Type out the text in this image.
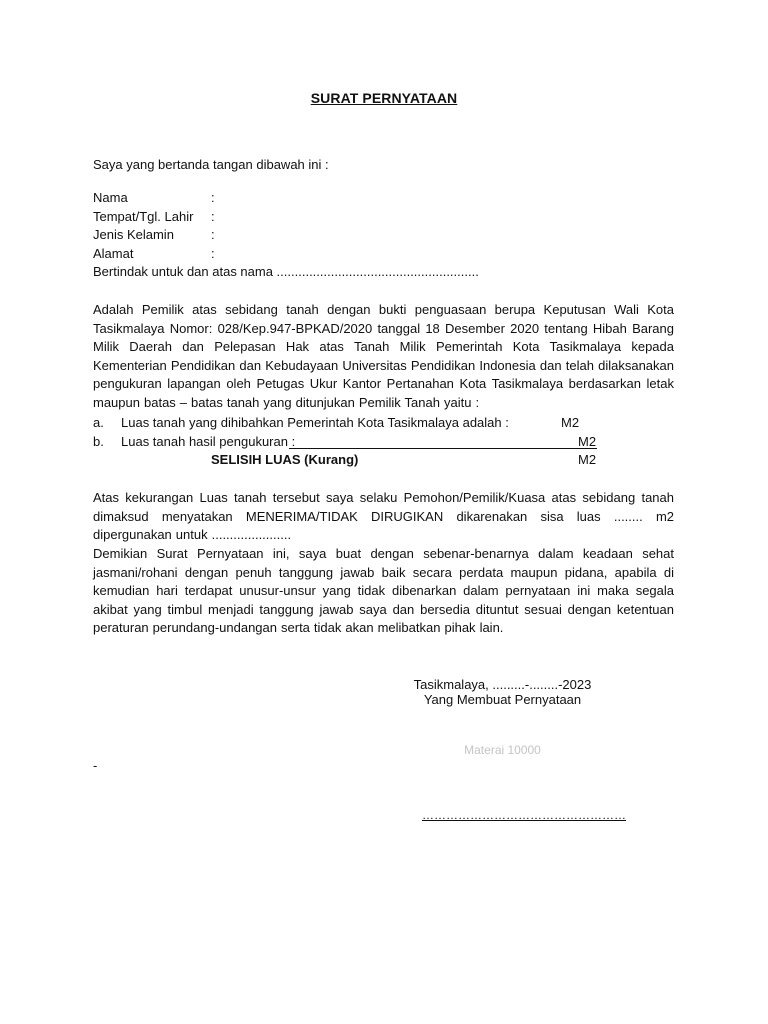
SURAT PERNYATAAN
Saya yang bertanda tangan dibawah ini :
Nama	:
Tempat/Tgl. Lahir :
Jenis Kelamin	:
Alamat	:
Bertindak untuk dan atas nama ........................................................
Adalah Pemilik atas sebidang tanah dengan bukti penguasaan berupa Keputusan Wali Kota Tasikmalaya Nomor: 028/Kep.947-BPKAD/2020 tanggal 18 Desember 2020 tentang Hibah Barang Milik Daerah dan Pelepasan Hak atas Tanah Milik Pemerintah Kota Tasikmalaya kepada Kementerian Pendidikan dan Kebudayaan Universitas Pendidikan Indonesia dan telah dilaksanakan pengukuran lapangan oleh Petugas Ukur Kantor Pertanahan Kota Tasikmalaya berdasarkan letak maupun batas – batas tanah yang ditunjukan Pemilik Tanah yaitu :
a. Luas tanah yang dihibahkan Pemerintah Kota Tasikmalaya adalah :	M2
b. Luas tanah hasil pengukuran :	M2
SELISIH LUAS (Kurang)	M2
Atas kekurangan Luas tanah tersebut saya selaku Pemohon/Pemilik/Kuasa atas sebidang tanah dimaksud menyatakan MENERIMA/TIDAK DIRUGIKAN dikarenakan sisa luas ........ m2 dipergunakan untuk ......................
Demikian Surat Pernyataan ini, saya buat dengan sebenar-benarnya dalam keadaan sehat jasmani/rohani dengan penuh tanggung jawab baik secara perdata maupun pidana, apabila di kemudian hari terdapat unusur-unsur yang tidak dibenarkan dalam pernyataan ini maka segala akibat yang timbul menjadi tanggung jawab saya dan bersedia dituntut sesuai dengan ketentuan peraturan perundang-undangan serta tidak akan melibatkan pihak lain.
Tasikmalaya, .........-........-2023
Yang Membuat Pernyataan
Materai 10000
-
……………………………………………
